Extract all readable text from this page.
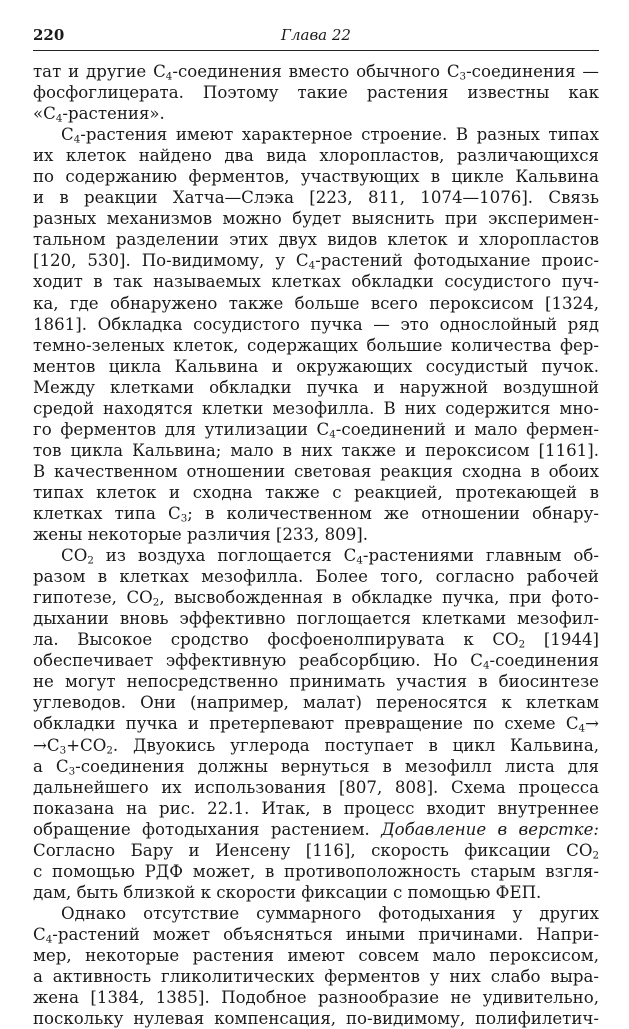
220	Глава 22
тат и другие $C_4$-соединения вместо обычного $C_3$-соединения —
фосфоглицерата. Поэтому такие растения известны как
«$C_4$-растения».
$C_4$-растения имеют характерное строение. В разных типах
их клеток найдено два вида хлоропластов, различающихся
по содержанию ферментов, участвующих в цикле Кальвина
и в реакции Хатча—Слэка [223, 811, 1074—1076]. Связь
разных механизмов можно будет выяснить при эксперимен-
тальном разделении этих двух видов клеток и хлоропластов
[120, 530]. По-видимому, у $C_4$-растений фотодыхание проис-
ходит в так называемых клетках обкладки сосудистого пуч-
ка, где обнаружено также больше всего пероксисом [1324,
1861]. Обкладка сосудистого пучка — это однослойный ряд
темно-зеленых клеток, содержащих большие количества фер-
ментов цикла Кальвина и окружающих сосудистый пучок.
Между клетками обкладки пучка и наружной воздушной
средой находятся клетки мезофилла. В них содержится мно-
го ферментов для утилизации $C_4$-соединений и мало фермен-
тов цикла Кальвина; мало в них также и пероксисом [1161].
В качественном отношении световая реакция сходна в обоих
типах клеток и сходна также с реакцией, протекающей в
клетках типа $C_3$; в количественном же отношении обнару-
жены некоторые различия [233, 809].
$CO_2$ из воздуха поглощается $C_4$-растениями главным об-
разом в клетках мезофилла. Более того, согласно рабочей
гипотезе, $CO_2$, высвобожденная в обкладке пучка, при фото-
дыхании вновь эффективно поглощается клетками мезофил-
ла. Высокое сродство фосфоенолпирувата к $CO_2$ [1944]
обеспечивает эффективную реабсорбцию. Но $C_4$-соединения
не могут непосредственно принимать участия в биосинтезе
углеводов. Они (например, малат) переносятся к клеткам
обкладки пучка и претерпевают превращение по схеме $C_4\to$
$\to C_3+CO_2$. Двуокись углерода поступает в цикл Кальвина,
а $C_3$-соединения должны вернуться в мезофилл листа для
дальнейшего их использования [807, 808]. Схема процесса
показана на рис. 22.1. Итак, в процесс входит внутреннее
обращение фотодыхания растением. Добавление в верстке:
Согласно Бару и Иенсену [116], скорость фиксации $CO_2$
с помощью РДФ может, в противоположность старым взгля-
дам, быть близкой к скорости фиксации с помощью ФЕП.
Однако отсутствие суммарного фотодыхания у других
$C_4$-растений может объясняться иными причинами. Напри-
мер, некоторые растения имеют совсем мало пероксисом,
а активность гликолитических ферментов у них слабо выра-
жена [1384, 1385]. Подобное разнообразие не удивительно,
поскольку нулевая компенсация, по-видимому, полифилетич-
